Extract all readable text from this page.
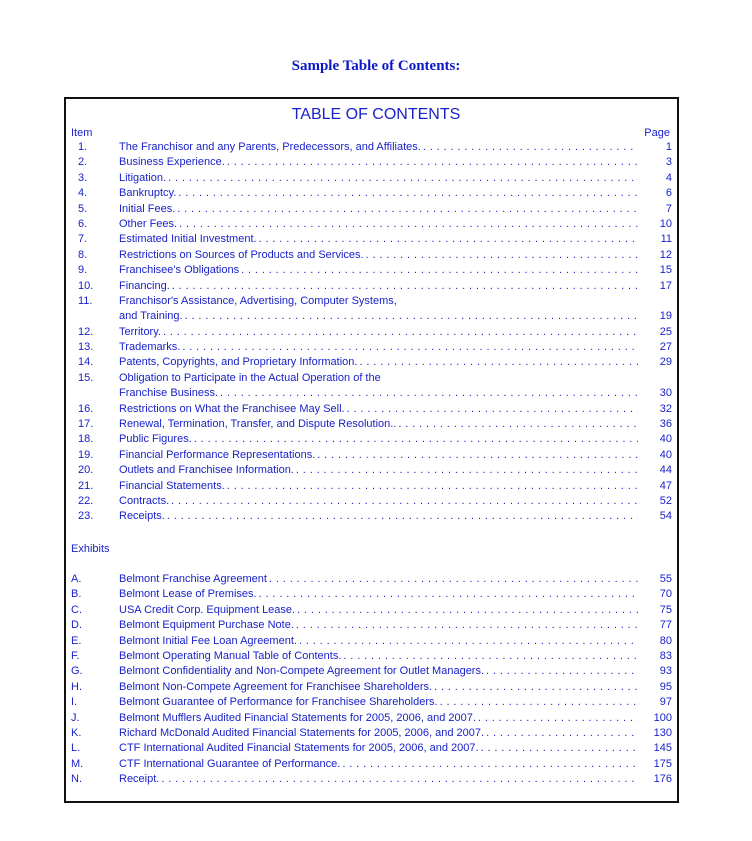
Sample Table of Contents:
TABLE OF CONTENTS
Item	Page
1.	The Franchisor and any Parents, Predecessors, and Affiliates. . . .	1
2.	Business Experience. . . .	3
3.	Litigation. . . .	4
4.	Bankruptcy. . . .	6
5.	Initial Fees. . . .	7
6.	Other Fees. . . .	10
7.	Estimated Initial Investment. . . .	11
8.	Restrictions on Sources of Products and Services. . . .	12
9.	Franchisee's Obligations . . .	15
10.	Financing. . . .	17
11.	Franchisor's Assistance, Advertising, Computer Systems,
and Training. . . .	19
12.	Territory. . . .	25
13.	Trademarks. . . .	27
14.	Patents, Copyrights, and Proprietary Information. . . .	29
15.	Obligation to Participate in the Actual Operation of the
Franchise Business. . . .	30
16.	Restrictions on What the Franchisee May Sell. . . .	32
17.	Renewal, Termination, Transfer, and Dispute Resolution.. . . .	36
18.	Public Figures. . . .	40
19.	Financial Performance Representations. . . .	40
20.	Outlets and Franchisee Information. . . .	44
21.	Financial Statements. . . .	47
22.	Contracts. . . .	52
23.	Receipts. . . .	54
Exhibits
A.	Belmont Franchise Agreement . . .	55
B.	Belmont Lease of Premises. . . .	70
C.	USA Credit Corp. Equipment Lease. . . .	75
D.	Belmont Equipment Purchase Note. . . .	77
E.	Belmont Initial Fee Loan Agreement. . . .	80
F.	Belmont Operating Manual Table of Contents. . . .	83
G.	Belmont Confidentiality and Non-Compete Agreement for Outlet Managers. . . .	93
H.	Belmont Non-Compete Agreement for Franchisee Shareholders. . . .	95
I.	Belmont Guarantee of Performance for Franchisee Shareholders. . . .	97
J.	Belmont Mufflers Audited Financial Statements for 2005, 2006, and 2007. . . .	100
K.	Richard McDonald Audited Financial Statements for 2005, 2006, and 2007. . . .	130
L.	CTF International Audited Financial Statements for 2005, 2006, and 2007. . . .	145
M.	CTF International Guarantee of Performance. . . .	175
N.	Receipt. . . .	176
